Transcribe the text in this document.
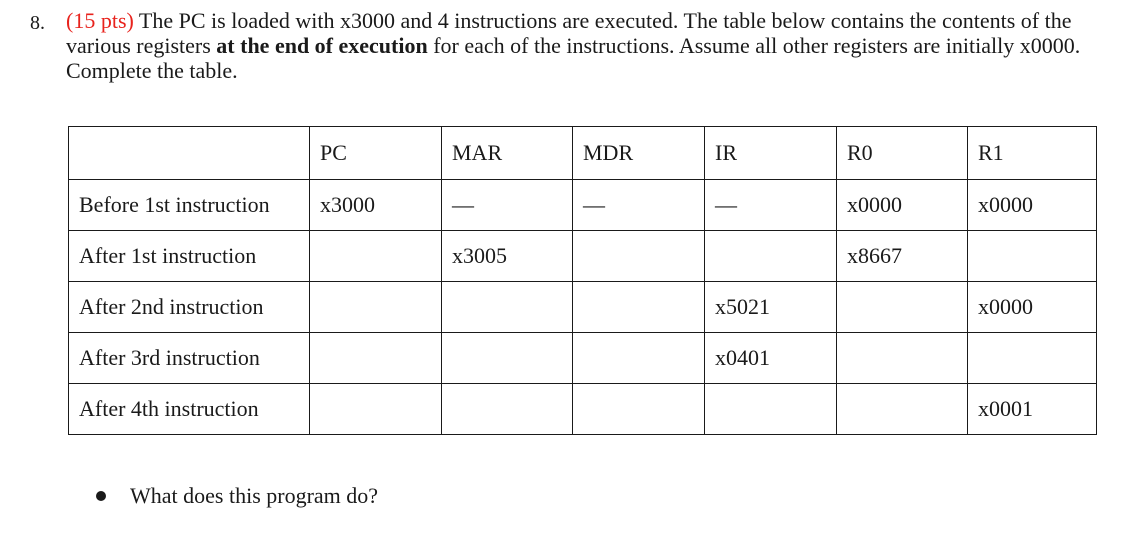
8. (15 pts) The PC is loaded with x3000 and 4 instructions are executed. The table below contains the contents of the various registers at the end of execution for each of the instructions. Assume all other registers are initially x0000. Complete the table.
	PC	MAR	MDR	IR	R0	R1
Before 1st instruction	x3000	—	—	—	x0000	x0000
After 1st instruction		x3005			x8667	
After 2nd instruction				x5021		x0000
After 3rd instruction				x0401		
After 4th instruction						x0001
What does this program do?
